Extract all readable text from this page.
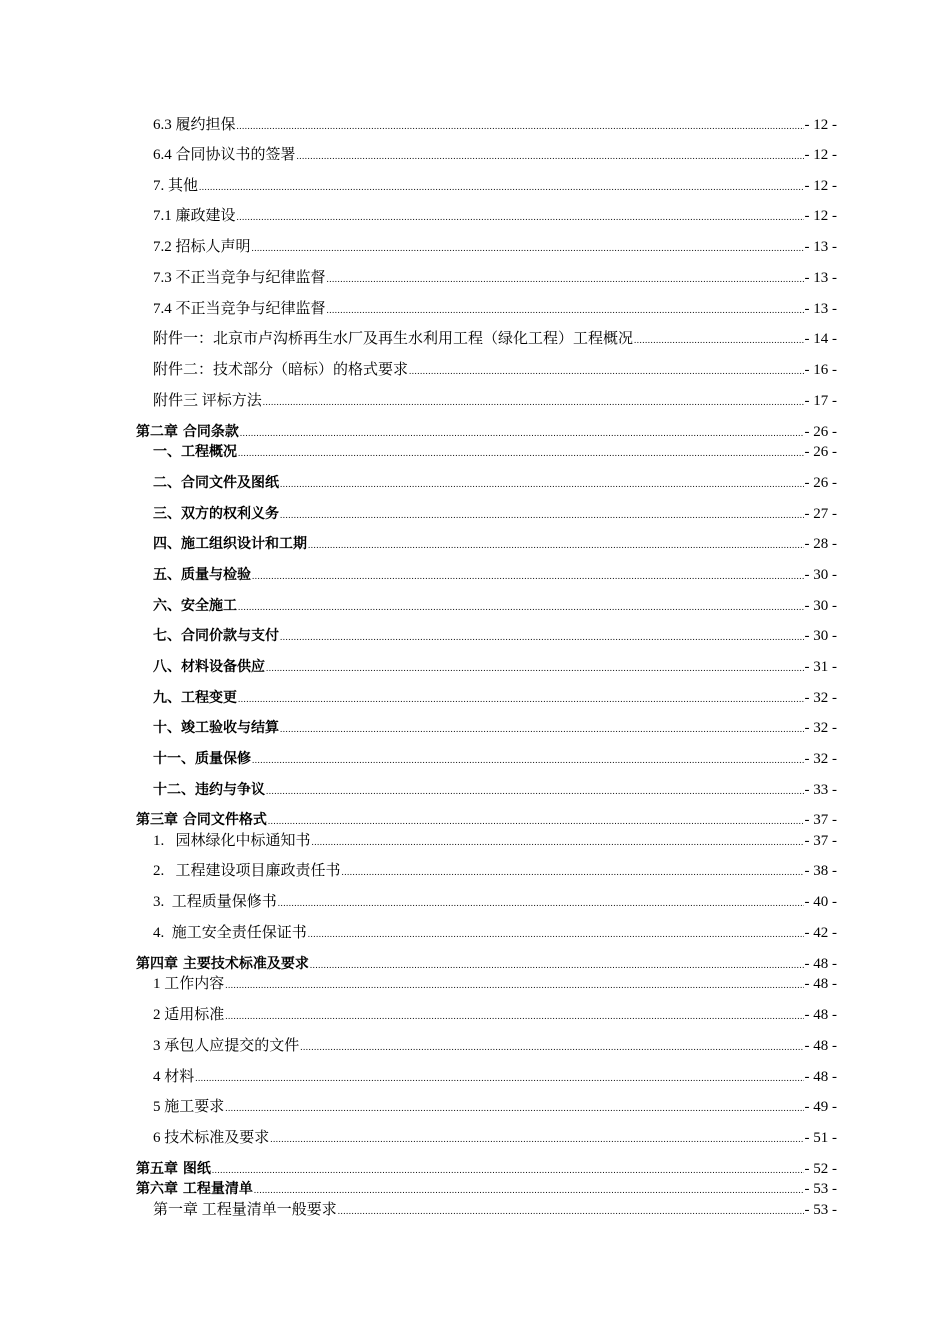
6.3 履约担保 .....	- 12 -
6.4 合同协议书的签署 .....	- 12 -
7. 其他 .....	- 12 -
7.1 廉政建设 .....	- 12 -
7.2 招标人声明 .....	- 13 -
7.3 不正当竞争与纪律监督 .....	- 13 -
7.4 不正当竞争与纪律监督 .....	- 13 -
附件一：北京市卢沟桥再生水厂及再生水利用工程（绿化工程）工程概况 .....	- 14 -
附件二：技术部分（暗标）的格式要求 .....	- 16 -
附件三 评标方法 .....	- 17 -
第二章 合同条款 .....	- 26 -
一、工程概况 .....	- 26 -
二、合同文件及图纸 .....	- 26 -
三、双方的权利义务 .....	- 27 -
四、施工组织设计和工期 .....	- 28 -
五、质量与检验 .....	- 30 -
六、安全施工 .....	- 30 -
七、合同价款与支付 .....	- 30 -
八、材料设备供应 .....	- 31 -
九、工程变更 .....	- 32 -
十、竣工验收与结算 .....	- 32 -
十一、质量保修 .....	- 32 -
十二、违约与争议 .....	- 33 -
第三章 合同文件格式 .....	- 37 -
1.   园林绿化中标通知书 .....	- 37 -
2.   工程建设项目廉政责任书 .....	- 38 -
3.  工程质量保修书 .....	- 40 -
4.  施工安全责任保证书 .....	- 42 -
第四章 主要技术标准及要求 .....	- 48 -
1 工作内容 .....	- 48 -
2 适用标准 .....	- 48 -
3 承包人应提交的文件 .....	- 48 -
4 材料 .....	- 48 -
5 施工要求 .....	- 49 -
6 技术标准及要求 .....	- 51 -
第五章 图纸 .....	- 52 -
第六章 工程量清单 .....	- 53 -
第一章 工程量清单一般要求 .....	- 53 -
